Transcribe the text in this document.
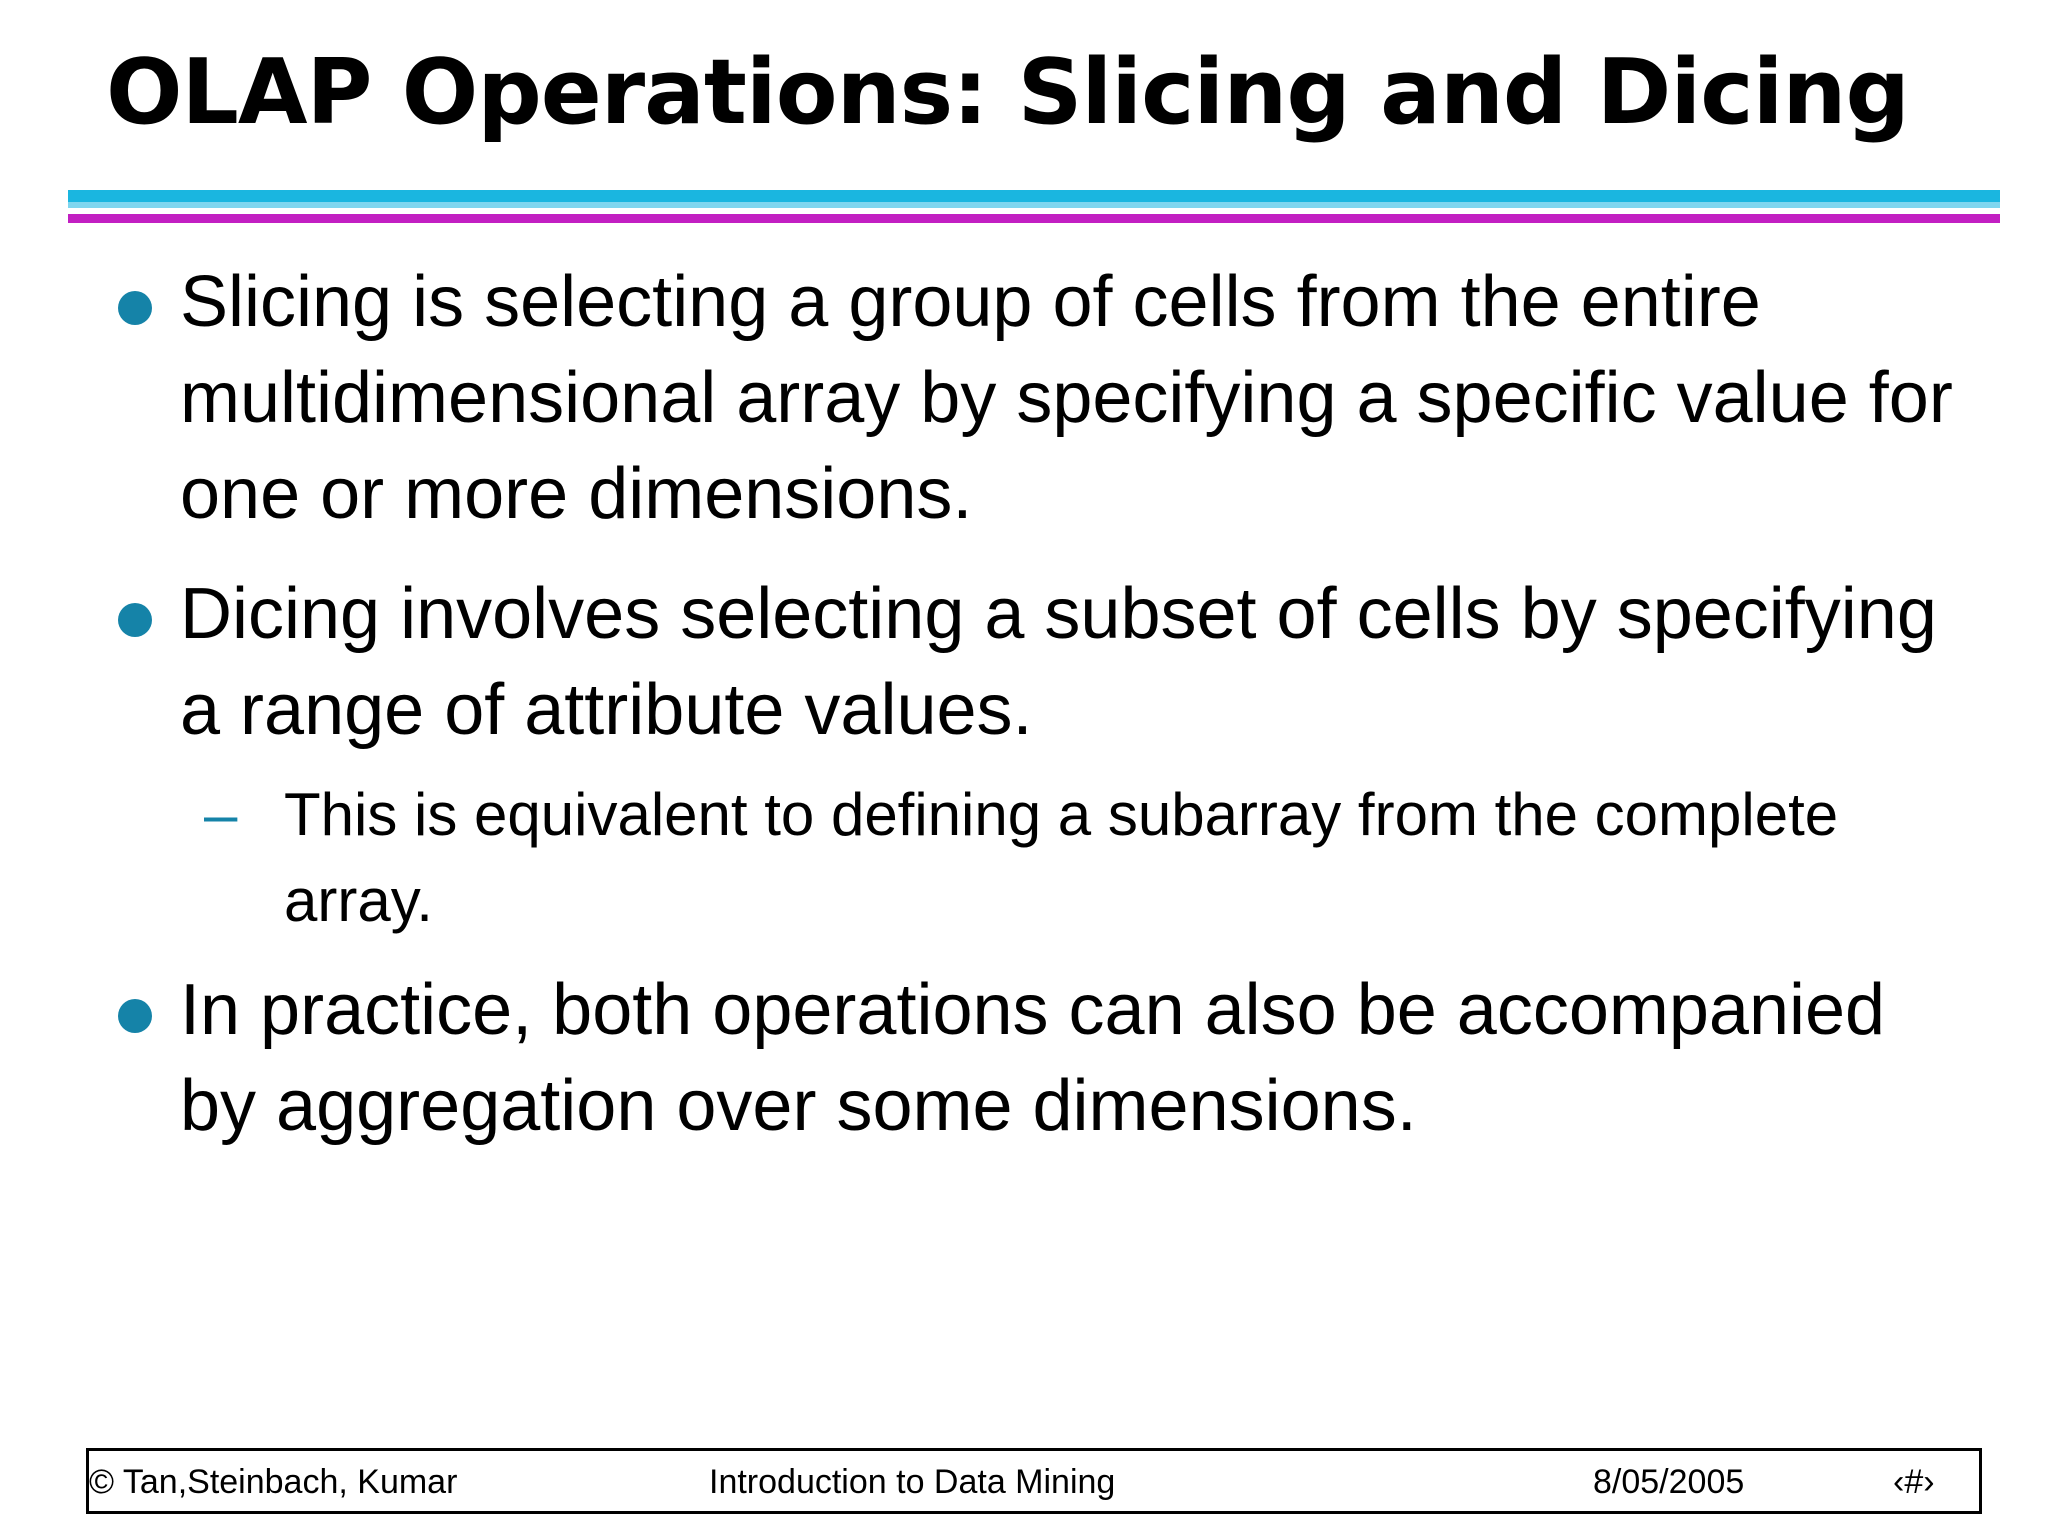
OLAP Operations: Slicing and Dicing
Slicing is selecting a group of cells from the entire multidimensional array by specifying a specific value for one or more dimensions.
Dicing involves selecting a subset of cells by specifying a range of attribute values.
– This is equivalent to defining a subarray from the complete array.
In practice, both operations can also be accompanied by aggregation over some dimensions.
© Tan,Steinbach, Kumar	Introduction to Data Mining	8/05/2005	‹#›
